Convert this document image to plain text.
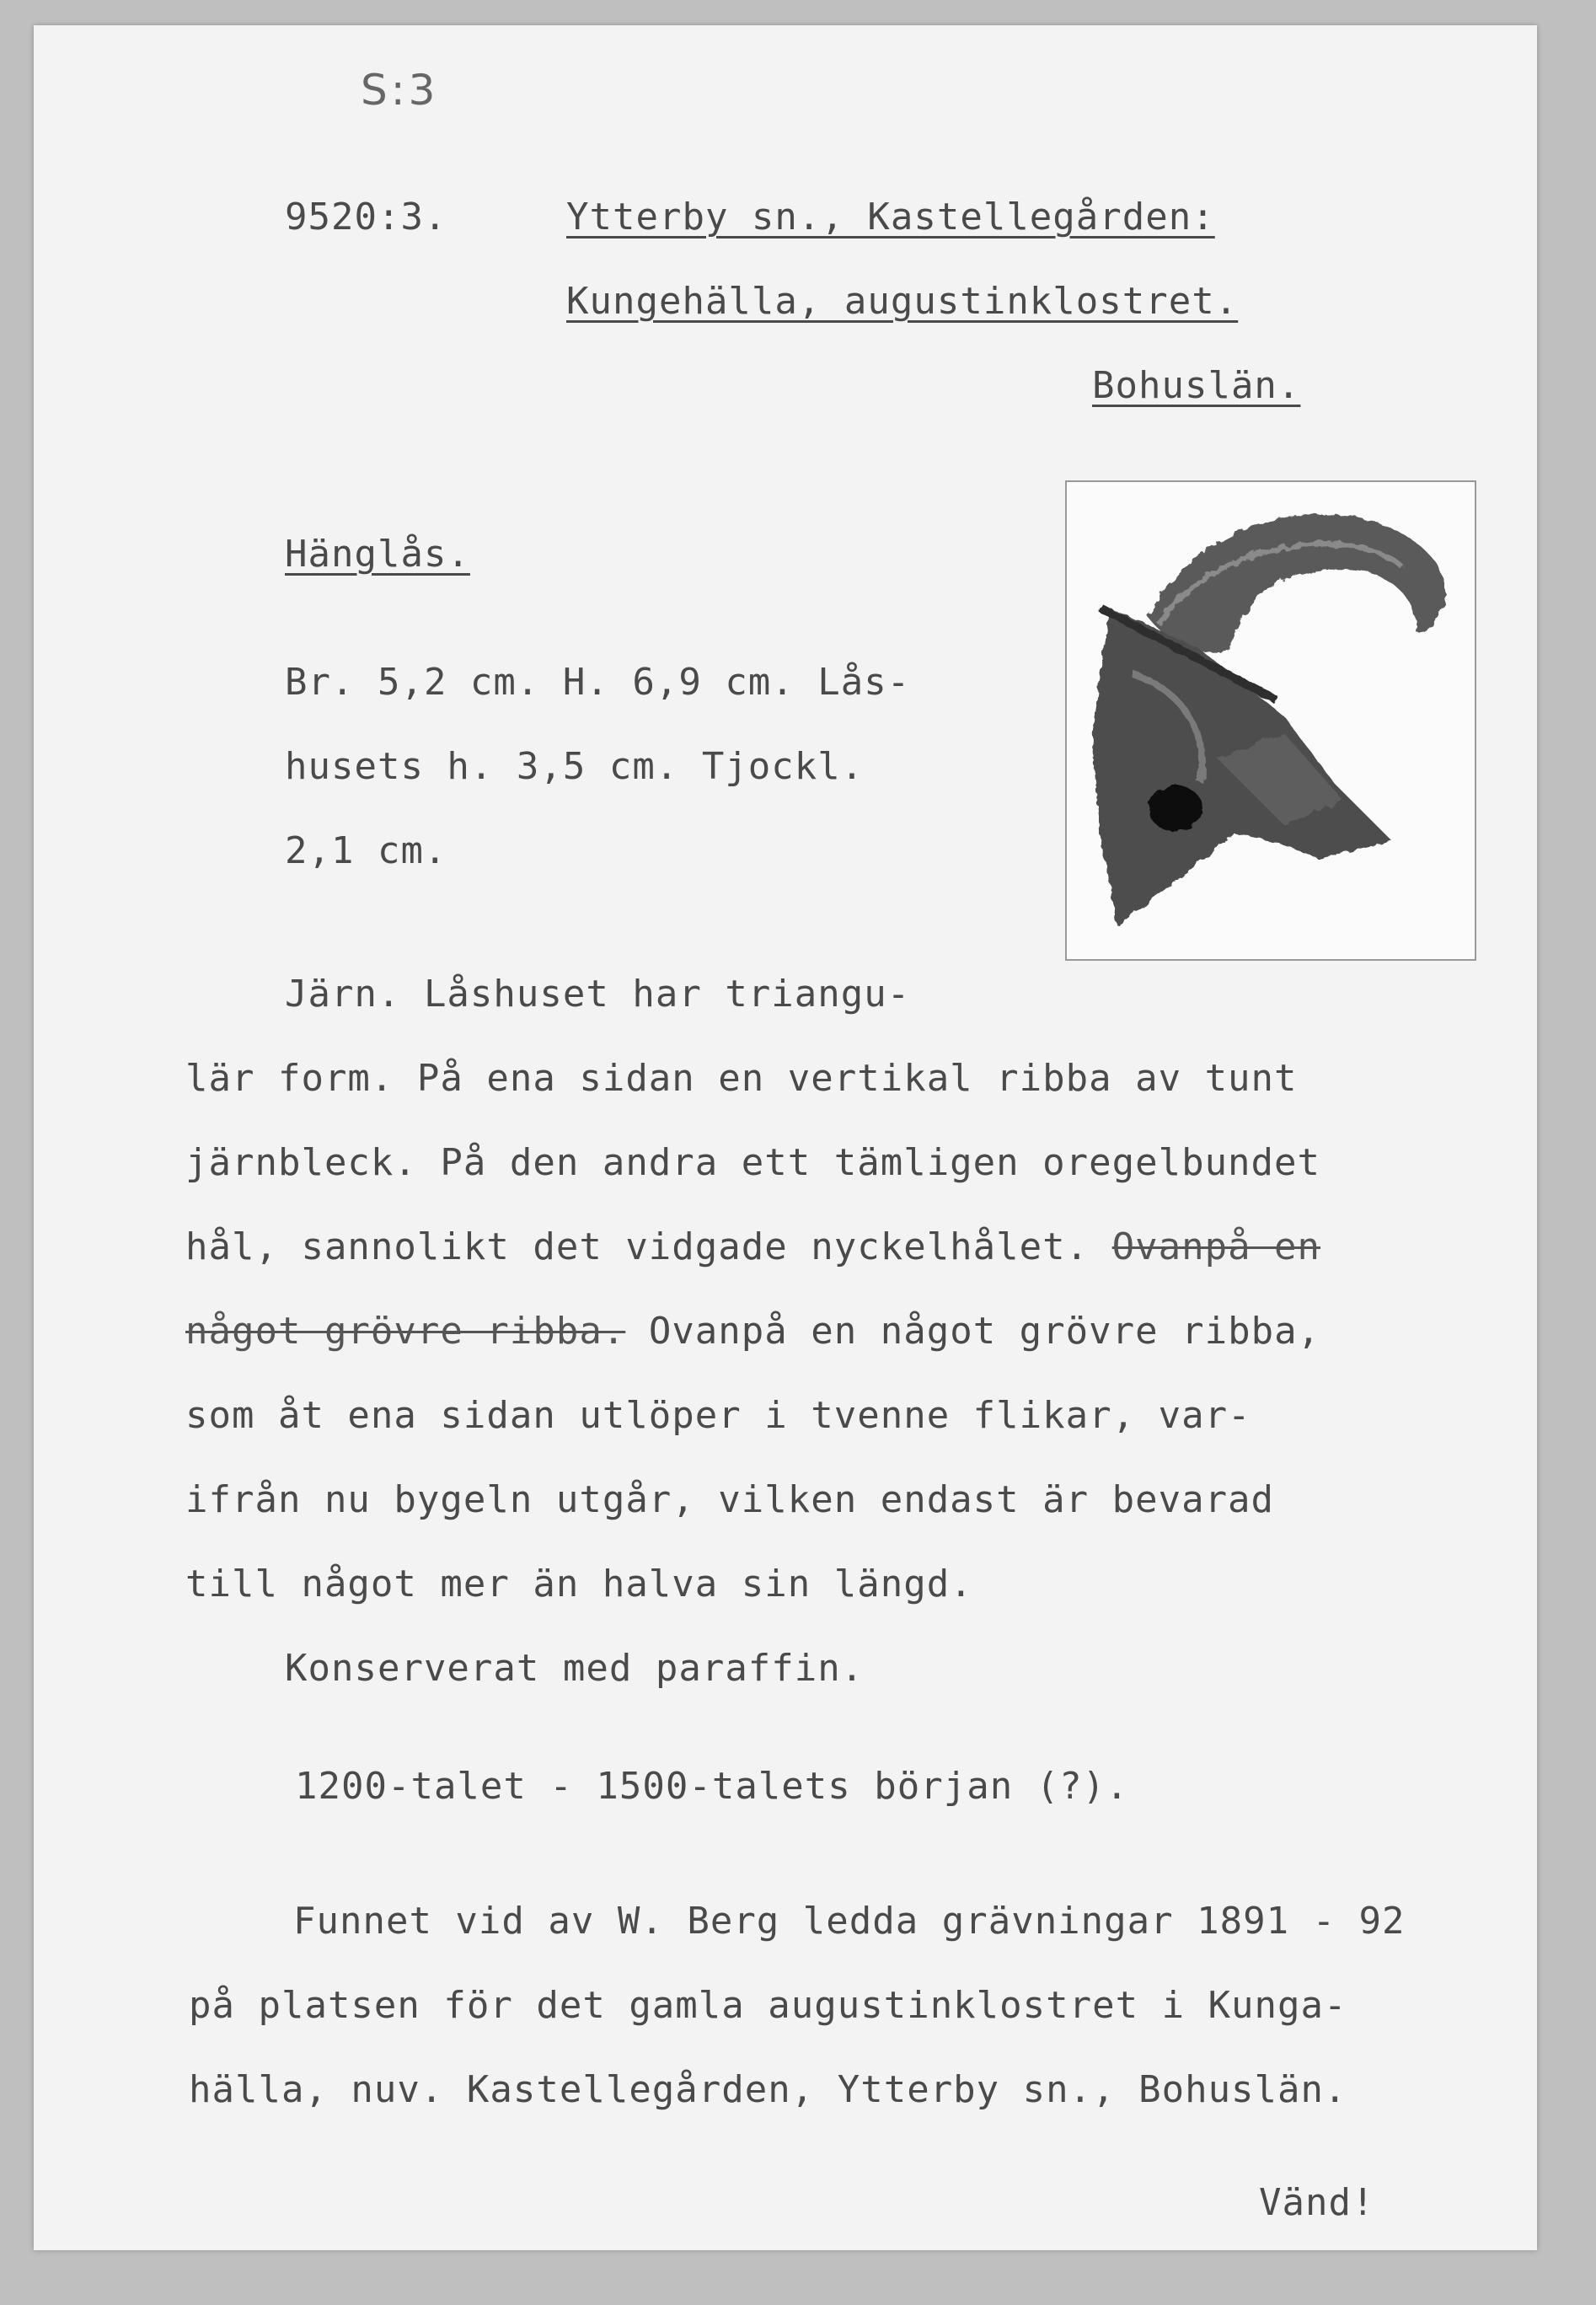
S:3
9520:3.	Ytterby sn., Kastellegården:
Kungehälla, augustinklostret.
Bohuslän.
Hänglås.
Br. 5,2 cm. H. 6,9 cm. Lås-
husets h. 3,5 cm. Tjockl.
2,1 cm.
Järn. Låshuset har triangu-
lär form. På ena sidan en vertikal ribba av tunt
järnbleck. På den andra ett tämligen oregelbundet
hål, sannolikt det vidgade nyckelhålet. Ovanpå en
något grövre ribba. Ovanpå en något grövre ribba,
som åt ena sidan utlöper i tvenne flikar, var-
ifrån nu bygeln utgår, vilken endast är bevarad
till något mer än halva sin längd.
Konserverat med paraffin.
1200-talet - 1500-talets början (?).
Funnet vid av W. Berg ledda grävningar 1891 - 92
på platsen för det gamla augustinklostret i Kunga-
hälla, nuv. Kastellegården, Ytterby sn., Bohuslän.
Vänd!
